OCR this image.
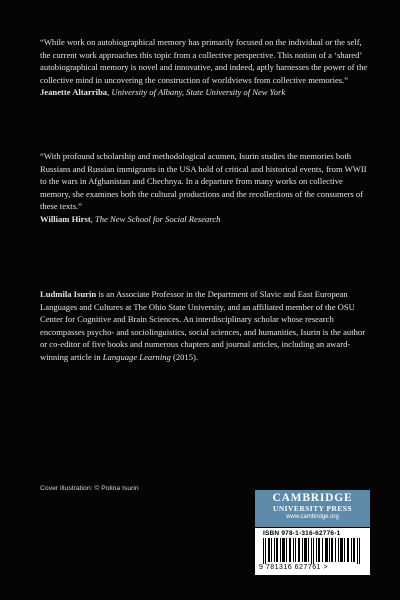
“While work on autobiographical memory has primarily focused on the individual or the self, the current work approaches this topic from a collective perspective. This notion of a ‘shared’ autobiographical memory is novel and innovative, and indeed, aptly harnesses the power of the collective mind in uncovering the construction of worldviews from collective memories.”

Jeanette Altarriba, University of Albany, State University of New York

“With profound scholarship and methodological acumen, Isurin studies the memories both Russians and Russian immigrants in the USA hold of critical and historical events, from WWII to the wars in Afghanistan and Chechnya. In a departure from many works on collective memory, she examines both the cultural productions and the recollections of the consumers of these texts.”

William Hirst, The New School for Social Research

Ludmila Isurin is an Associate Professor in the Department of Slavic and East European Languages and Cultures at The Ohio State University, and an affiliated member of the OSU Center for Cognitive and Brain Sciences. An interdisciplinary scholar whose research encompasses psycho- and sociolinguistics, social sciences, and humanities, Isurin is the author or co-editor of five books and numerous chapters and journal articles, including an award-winning article in Language Learning (2015).

Cover illustration: © Polina Isurin
CAMBRIDGE
UNIVERSITY PRESS
www.cambridge.org
ISBN 978-1-316-62776-1
9 781316 627761 >
